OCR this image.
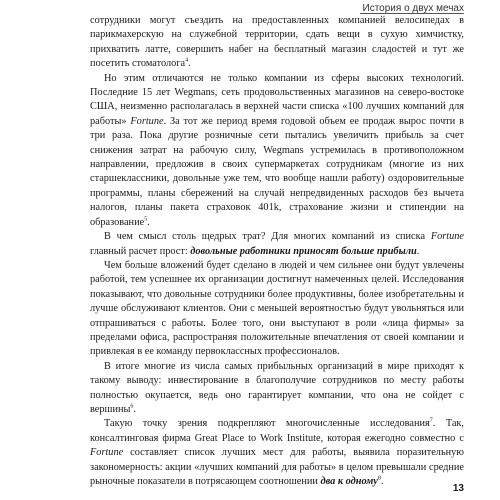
История о двух мечах

сотрудники могут съездить на предоставленных компанией велосипедах в парикмахерскую на служебной территории, сдать вещи в сухую химчистку, прихватить латте, совершить набег на бесплатный магазин сладостей и тут же посетить стоматолога$^4$.

Но этим отличаются не только компании из сферы высоких технологий. Последние 15 лет Wegmans, сеть продовольственных магазинов на северо-востоке США, неизменно располагалась в верхней части списка «100 лучших компаний для работы» Fortune. За тот же период время годовой объем ее продаж вырос почти в три раза. Пока другие розничные сети пытались увеличить прибыль за счет снижения затрат на рабочую силу, Wegmans устремилась в противоположном направлении, предложив в своих супермаркетах сотрудникам (многие из них старшеклассники, довольные уже тем, что вообще нашли работу) оздоровительные программы, планы сбережений на случай непредвиденных расходов без вычета налогов, планы пакета страховок 401k, страхование жизни и стипендии на образование$^5$.

В чем смысл столь щедрых трат? Для многих компаний из списка Fortune главный расчет прост: довольные работники приносят больше прибыли.

Чем больше вложений будет сделано в людей и чем сильнее они будут увлечены работой, тем успешнее их организации достигнут намеченных целей. Исследования показывают, что довольные сотрудники более продуктивны, более изобретательны и лучше обслуживают клиентов. Они с меньшей вероятностью будут увольняться или отпрашиваться с работы. Более того, они выступают в роли «лица фирмы» за пределами офиса, распространяя положительные впечатления от своей компании и привлекая в ее команду первоклассных профессионалов.

В итоге многие из числа самых прибыльных организаций в мире приходят к такому выводу: инвестирование в благополучие сотрудников по месту работы полностью окупается, ведь оно гарантирует компании, что она не сойдет с вершины$^6$.

Такую точку зрения подкрепляют многочисленные исследования$^7$. Так, консалтинговая фирма Great Place to Work Institute, которая ежегодно совместно с Fortune составляет список лучших мест для работы, выявила поразительную закономерность: акции «лучших компаний для работы» в целом превышали средние рыночные показатели в потрясающем соотношении два к одному$^8$.

13
